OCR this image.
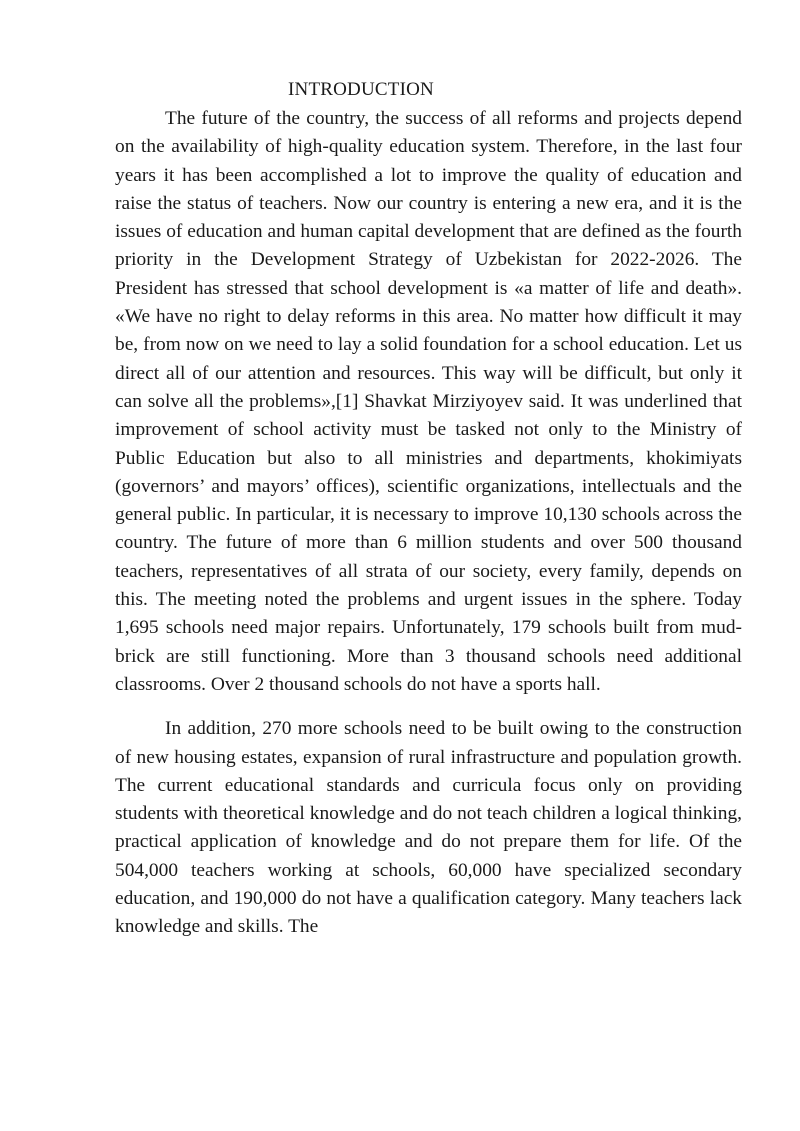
INTRODUCTION

The future of the country, the success of all reforms and projects depend on the availability of high-quality education system. Therefore, in the last four years it has been accomplished a lot to improve the quality of education and raise the status of teachers. Now our country is entering a new era, and it is the issues of education and human capital development that are defined as the fourth priority in the Development Strategy of Uzbekistan for 2022-2026. The President has stressed that school development is «a matter of life and death». «We have no right to delay reforms in this area. No matter how difficult it may be, from now on we need to lay a solid foundation for a school education. Let us direct all of our attention and resources. This way will be difficult, but only it can solve all the problems»,[1] Shavkat Mirziyoyev said. It was underlined that improvement of school activity must be tasked not only to the Ministry of Public Education but also to all ministries and departments, khokimiyats (governors’ and mayors’ offices), scientific organizations, intellectuals and the general public. In particular, it is necessary to improve 10,130 schools across the country. The future of more than 6 million students and over 500 thousand teachers, representatives of all strata of our society, every family, depends on this. The meeting noted the problems and urgent issues in the sphere. Today 1,695 schools need major repairs. Unfortunately, 179 schools built from mud-brick are still functioning. More than 3 thousand schools need additional classrooms. Over 2 thousand schools do not have a sports hall.

In addition, 270 more schools need to be built owing to the construction of new housing estates, expansion of rural infrastructure and population growth. The current educational standards and curricula focus only on providing students with theoretical knowledge and do not teach children a logical thinking, practical application of knowledge and do not prepare them for life. Of the 504,000 teachers working at schools, 60,000 have specialized secondary education, and 190,000 do not have a qualification category. Many teachers lack knowledge and skills. The
